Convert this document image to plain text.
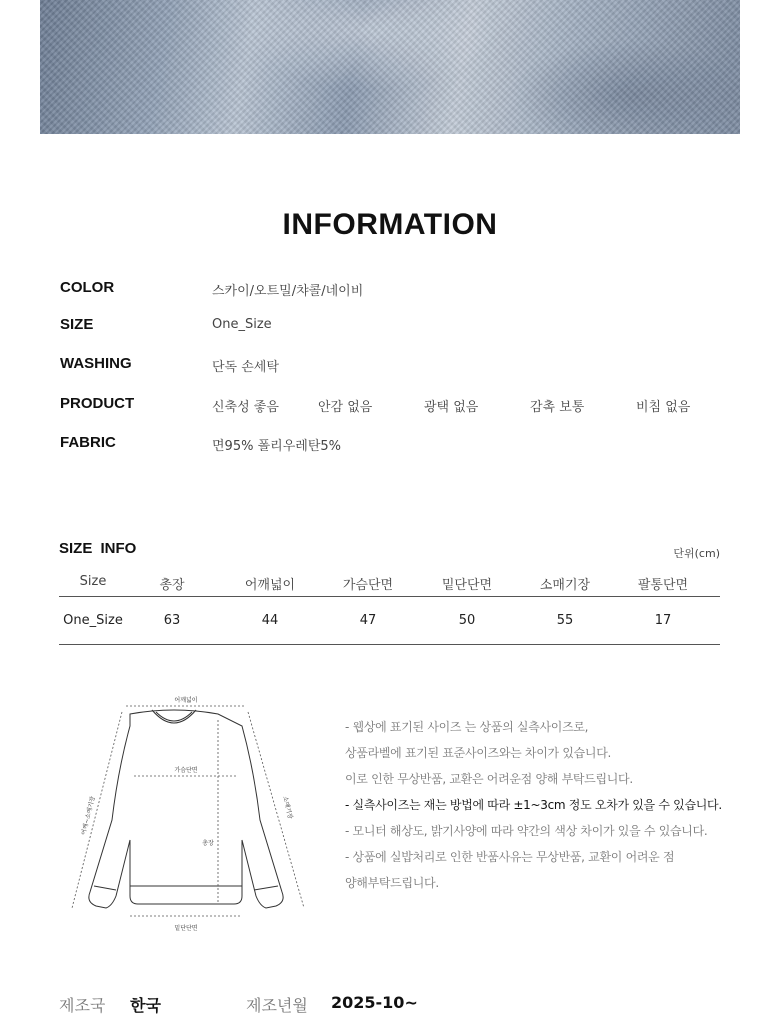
INFORMATION
COLOR	스카이/오트밀/챠콜/네이비
SIZE	One_Size
WASHING	단독 손세탁
PRODUCT	신축성 좋음	안감 없음	광택 없음	감촉 보통	비침 없음
FABRIC	면95% 폴리우레탄5%
SIZE INFO	단위(cm)
Size	총장	어깨넓이	가슴단면	밑단단면	소매기장	팔통단면
One_Size	63	44	47	50	55	17
어깨넓이
가슴단면
총장
밑단단면
소매기장
어깨~소매기장
- 웹상에 표기된 사이즈 는 상품의 실측사이즈로,
상품라벨에 표기된 표준사이즈와는 차이가 있습니다.
이로 인한 무상반품, 교환은 어려운점 양해 부탁드립니다.
- 실측사이즈는 재는 방법에 따라 ±1~3cm 정도 오차가 있을 수 있습니다.
- 모니터 해상도, 밝기사양에 따라 약간의 색상 차이가 있을 수 있습니다.
- 상품에 실밥처리로 인한 반품사유는 무상반품, 교환이 어려운 점
양해부탁드립니다.
제조국 한국	제조년월 2025-10~
